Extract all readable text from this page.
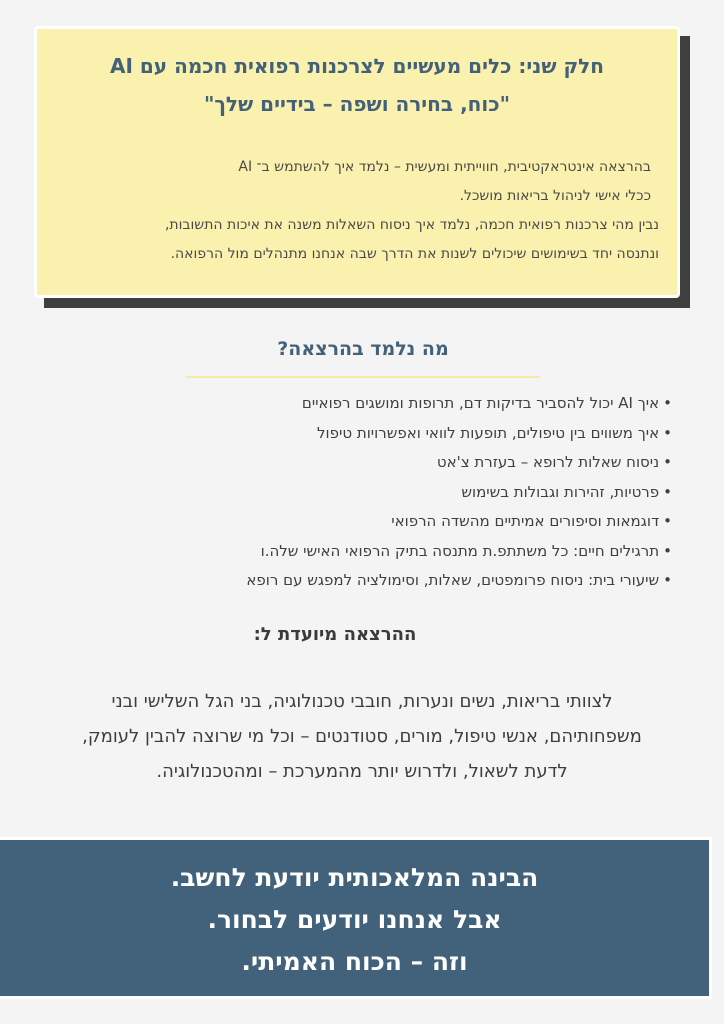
חלק שני: כלים מעשיים לצרכנות רפואית חכמה עם AI
"כוח, בחירה ושפה – בידיים שלך"
בהרצאה אינטראקטיבית, חווייתית ומעשית – נלמד איך להשתמש ב־ AI
ככלי אישי לניהול בריאות מושכל.
נבין מהי צרכנות רפואית חכמה, נלמד איך ניסוח השאלות משנה את איכות התשובות,
ונתנסה יחד בשימושים שיכולים לשנות את הדרך שבה אנחנו מתנהלים מול הרפואה.
מה נלמד בהרצאה?
•איך AI יכול להסביר בדיקות דם, תרופות ומושגים רפואיים
•איך משווים בין טיפולים, תופעות לוואי ואפשרויות טיפול
•ניסוח שאלות לרופא – בעזרת צ'אט
•פרטיות, זהירות וגבולות בשימוש
•דוגמאות וסיפורים אמיתיים מהשדה הרפואי
•תרגילים חיים: כל משתתפ.ת מתנסה בתיק הרפואי האישי שלה.ו
•שיעורי בית: ניסוח פרומפטים, שאלות, וסימולציה למפגש עם רופא
ההרצאה מיועדת ל:

לצוותי בריאות, נשים ונערות, חובבי טכנולוגיה, בני הגל השלישי ובני
משפחותיהם, אנשי טיפול, מורים, סטודנטים – וכל מי שרוצה להבין לעומק,
לדעת לשאול, ולדרוש יותר מהמערכת – ומהטכנולוגיה.

הבינה המלאכותית יודעת לחשב.
אבל אנחנו יודעים לבחור.
וזה – הכוח האמיתי.
